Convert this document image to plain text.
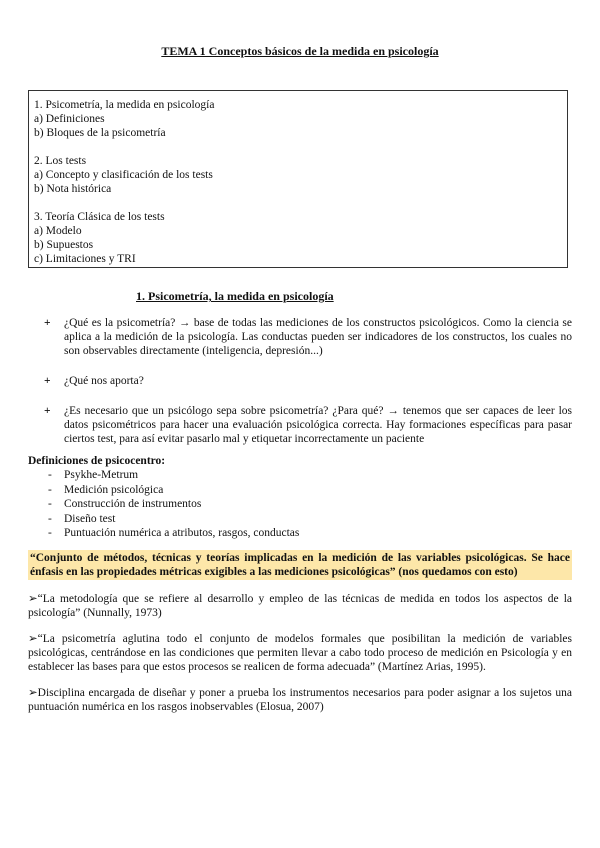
TEMA 1 Conceptos básicos de la medida en psicología
1. Psicometría, la medida en psicología
a) Definiciones
b) Bloques de la psicometría
2. Los tests
a) Concepto y clasificación de los tests
b) Nota histórica
3. Teoría Clásica de los tests
a) Modelo
b) Supuestos
c) Limitaciones y TRI
1. Psicometría, la medida en psicología
+ ¿Qué es la psicometría? → base de todas las mediciones de los constructos psicológicos. Como la ciencia se aplica a la medición de la psicología. Las conductas pueden ser indicadores de los constructos, los cuales no son observables directamente (inteligencia, depresión...)
+ ¿Qué nos aporta?
+ ¿Es necesario que un psicólogo sepa sobre psicometría? ¿Para qué? → tenemos que ser capaces de leer los datos psicométricos para hacer una evaluación psicológica correcta. Hay formaciones específicas para pasar ciertos test, para así evitar pasarlo mal y etiquetar incorrectamente un paciente
Definiciones de psicocentro:
- Psykhe-Metrum
- Medición psicológica
- Construcción de instrumentos
- Diseño test
- Puntuación numérica a atributos, rasgos, conductas
“Conjunto de métodos, técnicas y teorías implicadas en la medición de las variables psicológicas. Se hace énfasis en las propiedades métricas exigibles a las mediciones psicológicas” (nos quedamos con esto)
➢“La metodología que se refiere al desarrollo y empleo de las técnicas de medida en todos los aspectos de la psicología” (Nunnally, 1973)
➢“La psicometría aglutina todo el conjunto de modelos formales que posibilitan la medición de variables psicológicas, centrándose en las condiciones que permiten llevar a cabo todo proceso de medición en Psicología y en establecer las bases para que estos procesos se realicen de forma adecuada” (Martínez Arias, 1995).
➢Disciplina encargada de diseñar y poner a prueba los instrumentos necesarios para poder asignar a los sujetos una puntuación numérica en los rasgos inobservables (Elosua, 2007)
